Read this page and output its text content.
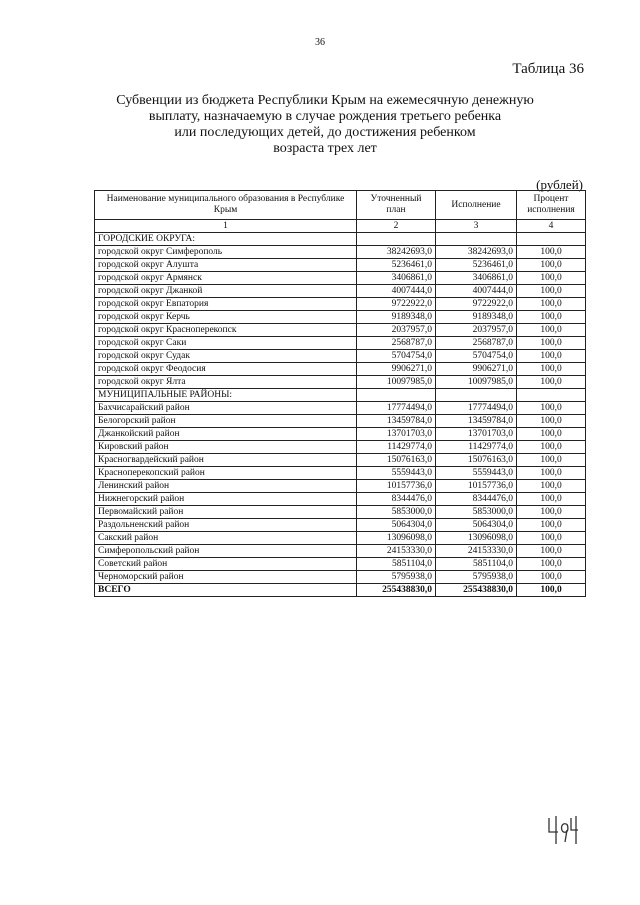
36
Таблица 36
Субвенции из бюджета Республики Крым на ежемесячную денежную
выплату, назначаемую в случае рождения третьего ребенка
или последующих детей, до достижения ребенком
возраста трех лет
(рублей)
Наименование муниципального образования в Республике Крым	Уточненный план	Исполнение	Процент исполнения
1	2	3	4
ГОРОДСКИЕ ОКРУГА:			
городской округ Симферополь	38242693,0	38242693,0	100,0
городской округ Алушта	5236461,0	5236461,0	100,0
городской округ Армянск	3406861,0	3406861,0	100,0
городской округ Джанкой	4007444,0	4007444,0	100,0
городской округ Евпатория	9722922,0	9722922,0	100,0
городской округ Керчь	9189348,0	9189348,0	100,0
городской округ Красноперекопск	2037957,0	2037957,0	100,0
городской округ Саки	2568787,0	2568787,0	100,0
городской округ Судак	5704754,0	5704754,0	100,0
городской округ Феодосия	9906271,0	9906271,0	100,0
городской округ Ялта	10097985,0	10097985,0	100,0
МУНИЦИПАЛЬНЫЕ РАЙОНЫ:			
Бахчисарайский район	17774494,0	17774494,0	100,0
Белогорский район	13459784,0	13459784,0	100,0
Джанкойский район	13701703,0	13701703,0	100,0
Кировский район	11429774,0	11429774,0	100,0
Красногвардейский район	15076163,0	15076163,0	100,0
Красноперекопский район	5559443,0	5559443,0	100,0
Ленинский район	10157736,0	10157736,0	100,0
Нижнегорский район	8344476,0	8344476,0	100,0
Первомайский район	5853000,0	5853000,0	100,0
Раздольненский район	5064304,0	5064304,0	100,0
Сакский район	13096098,0	13096098,0	100,0
Симферопольский район	24153330,0	24153330,0	100,0
Советский район	5851104,0	5851104,0	100,0
Черноморский район	5795938,0	5795938,0	100,0
ВСЕГО	255438830,0	255438830,0	100,0
